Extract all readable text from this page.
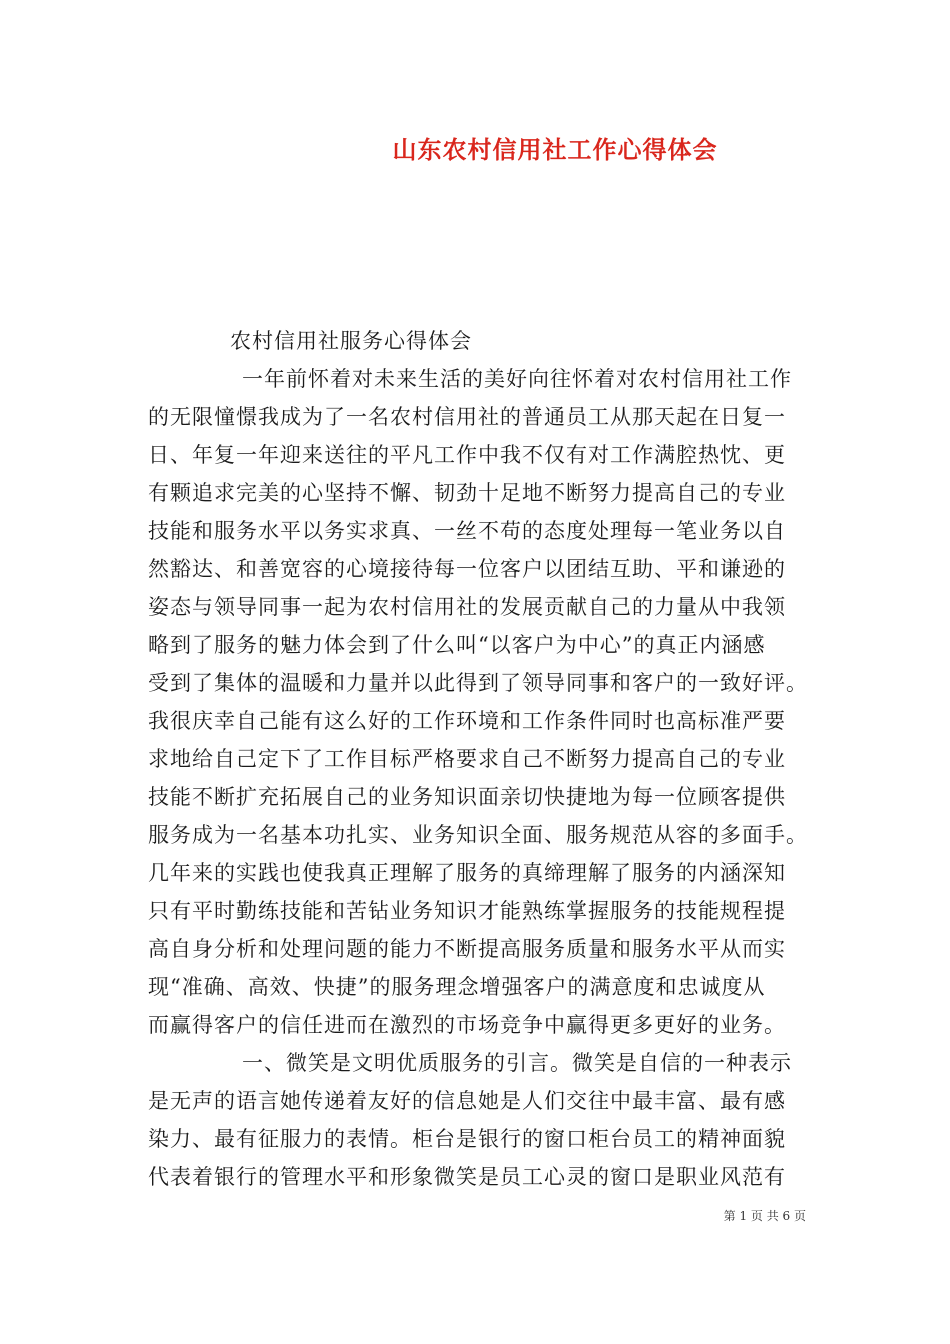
山东农村信用社工作心得体会
农村信用社服务心得体会
一年前怀着对未来生活的美好向往怀着对农村信用社工作
的无限憧憬我成为了一名农村信用社的普通员工从那天起在日复一
日、年复一年迎来送往的平凡工作中我不仅有对工作满腔热忱、更
有颗追求完美的心坚持不懈、韧劲十足地不断努力提高自己的专业
技能和服务水平以务实求真、一丝不苟的态度处理每一笔业务以自
然豁达、和善宽容的心境接待每一位客户以团结互助、平和谦逊的
姿态与领导同事一起为农村信用社的发展贡献自己的力量从中我领
略到了服务的魅力体会到了什么叫“以客户为中心”的真正内涵感
受到了集体的温暖和力量并以此得到了领导同事和客户的一致好评。
我很庆幸自己能有这么好的工作环境和工作条件同时也高标准严要
求地给自己定下了工作目标严格要求自己不断努力提高自己的专业
技能不断扩充拓展自己的业务知识面亲切快捷地为每一位顾客提供
服务成为一名基本功扎实、业务知识全面、服务规范从容的多面手。
几年来的实践也使我真正理解了服务的真缔理解了服务的内涵深知
只有平时勤练技能和苦钻业务知识才能熟练掌握服务的技能规程提
高自身分析和处理问题的能力不断提高服务质量和服务水平从而实
现“准确、高效、快捷”的服务理念增强客户的满意度和忠诚度从
而赢得客户的信任进而在激烈的市场竞争中赢得更多更好的业务。
一、微笑是文明优质服务的引言。微笑是自信的一种表示
是无声的语言她传递着友好的信息她是人们交往中最丰富、最有感
染力、最有征服力的表情。柜台是银行的窗口柜台员工的精神面貌
代表着银行的管理水平和形象微笑是员工心灵的窗口是职业风范有
第 1 页 共 6 页
